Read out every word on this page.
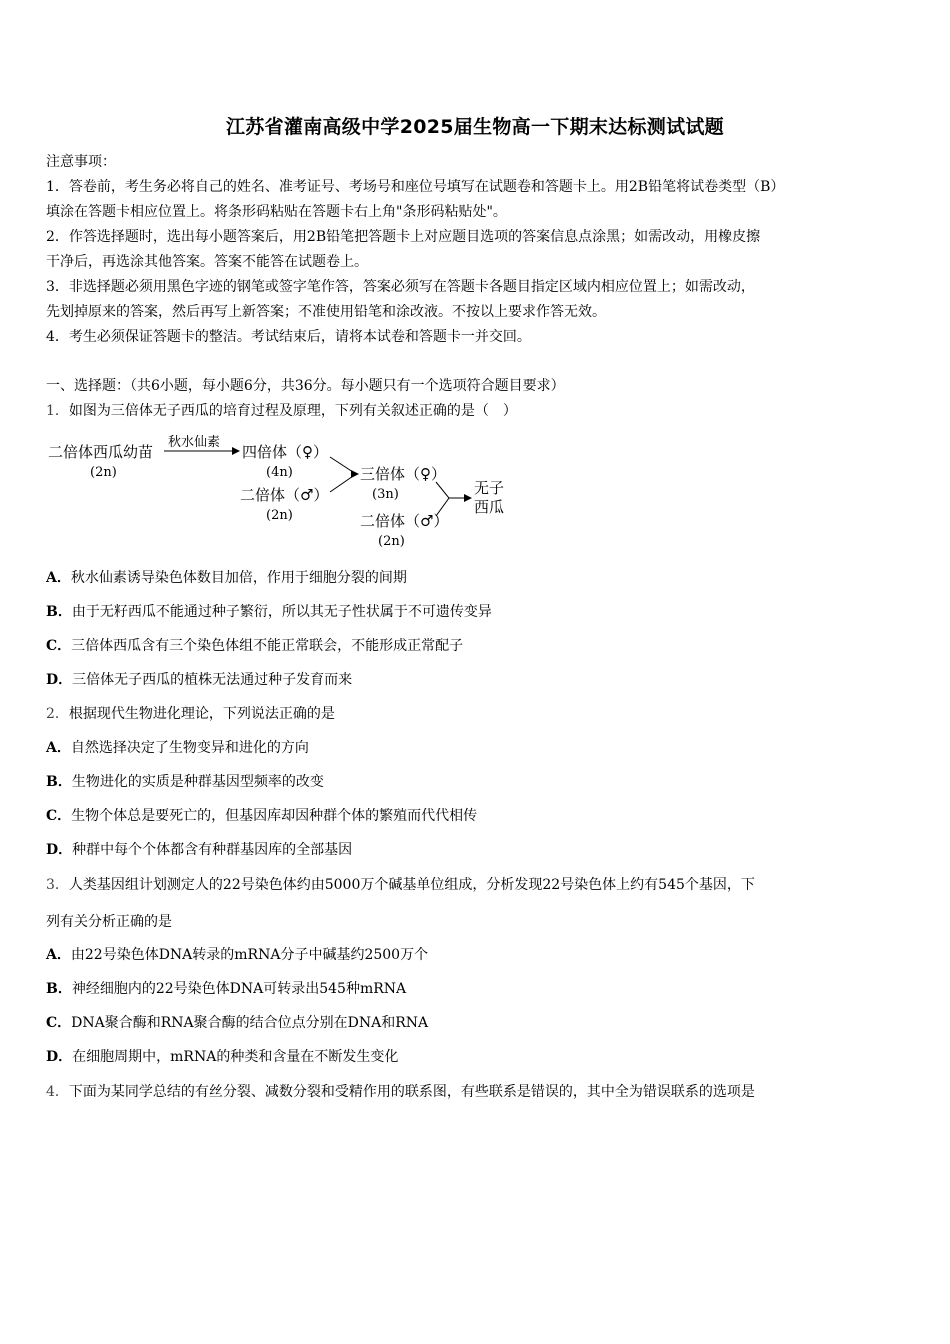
江苏省灌南高级中学2025届生物高一下期末达标测试试题
注意事项：
1．答卷前，考生务必将自己的姓名、准考证号、考场号和座位号填写在试题卷和答题卡上。用2B铅笔将试卷类型（B）
填涂在答题卡相应位置上。将条形码粘贴在答题卡右上角"条形码粘贴处"。
2．作答选择题时，选出每小题答案后，用2B铅笔把答题卡上对应题目选项的答案信息点涂黑；如需改动，用橡皮擦
干净后，再选涂其他答案。答案不能答在试题卷上。
3．非选择题必须用黑色字迹的钢笔或签字笔作答，答案必须写在答题卡各题目指定区域内相应位置上；如需改动，
先划掉原来的答案，然后再写上新答案；不准使用铅笔和涂改液。不按以上要求作答无效。
4．考生必须保证答题卡的整洁。考试结束后，请将本试卷和答题卡一并交回。
一、选择题：（共6小题，每小题6分，共36分。每小题只有一个选项符合题目要求）
1．如图为三倍体无子西瓜的培育过程及原理，下列有关叙述正确的是（　）
二倍体西瓜幼苗
(2n)
秋水仙素
四倍体（♀）
(4n)
二倍体（♂）
(2n)
三倍体（♀）
(3n)
二倍体（♂）
(2n)
无子
西瓜
A．秋水仙素诱导染色体数目加倍，作用于细胞分裂的间期
B．由于无籽西瓜不能通过种子繁衍，所以其无子性状属于不可遗传变异
C．三倍体西瓜含有三个染色体组不能正常联会，不能形成正常配子
D．三倍体无子西瓜的植株无法通过种子发育而来
2．根据现代生物进化理论，下列说法正确的是
A．自然选择决定了生物变异和进化的方向
B．生物进化的实质是种群基因型频率的改变
C．生物个体总是要死亡的，但基因库却因种群个体的繁殖而代代相传
D．种群中每个个体都含有种群基因库的全部基因
3．人类基因组计划测定人的22号染色体约由5000万个碱基单位组成，分析发现22号染色体上约有545个基因，下
列有关分析正确的是
A．由22号染色体DNA转录的mRNA分子中碱基约2500万个
B．神经细胞内的22号染色体DNA可转录出545种mRNA
C．DNA聚合酶和RNA聚合酶的结合位点分别在DNA和RNA
D．在细胞周期中，mRNA的种类和含量在不断发生变化
4．下面为某同学总结的有丝分裂、减数分裂和受精作用的联系图，有些联系是错误的，其中全为错误联系的选项是
